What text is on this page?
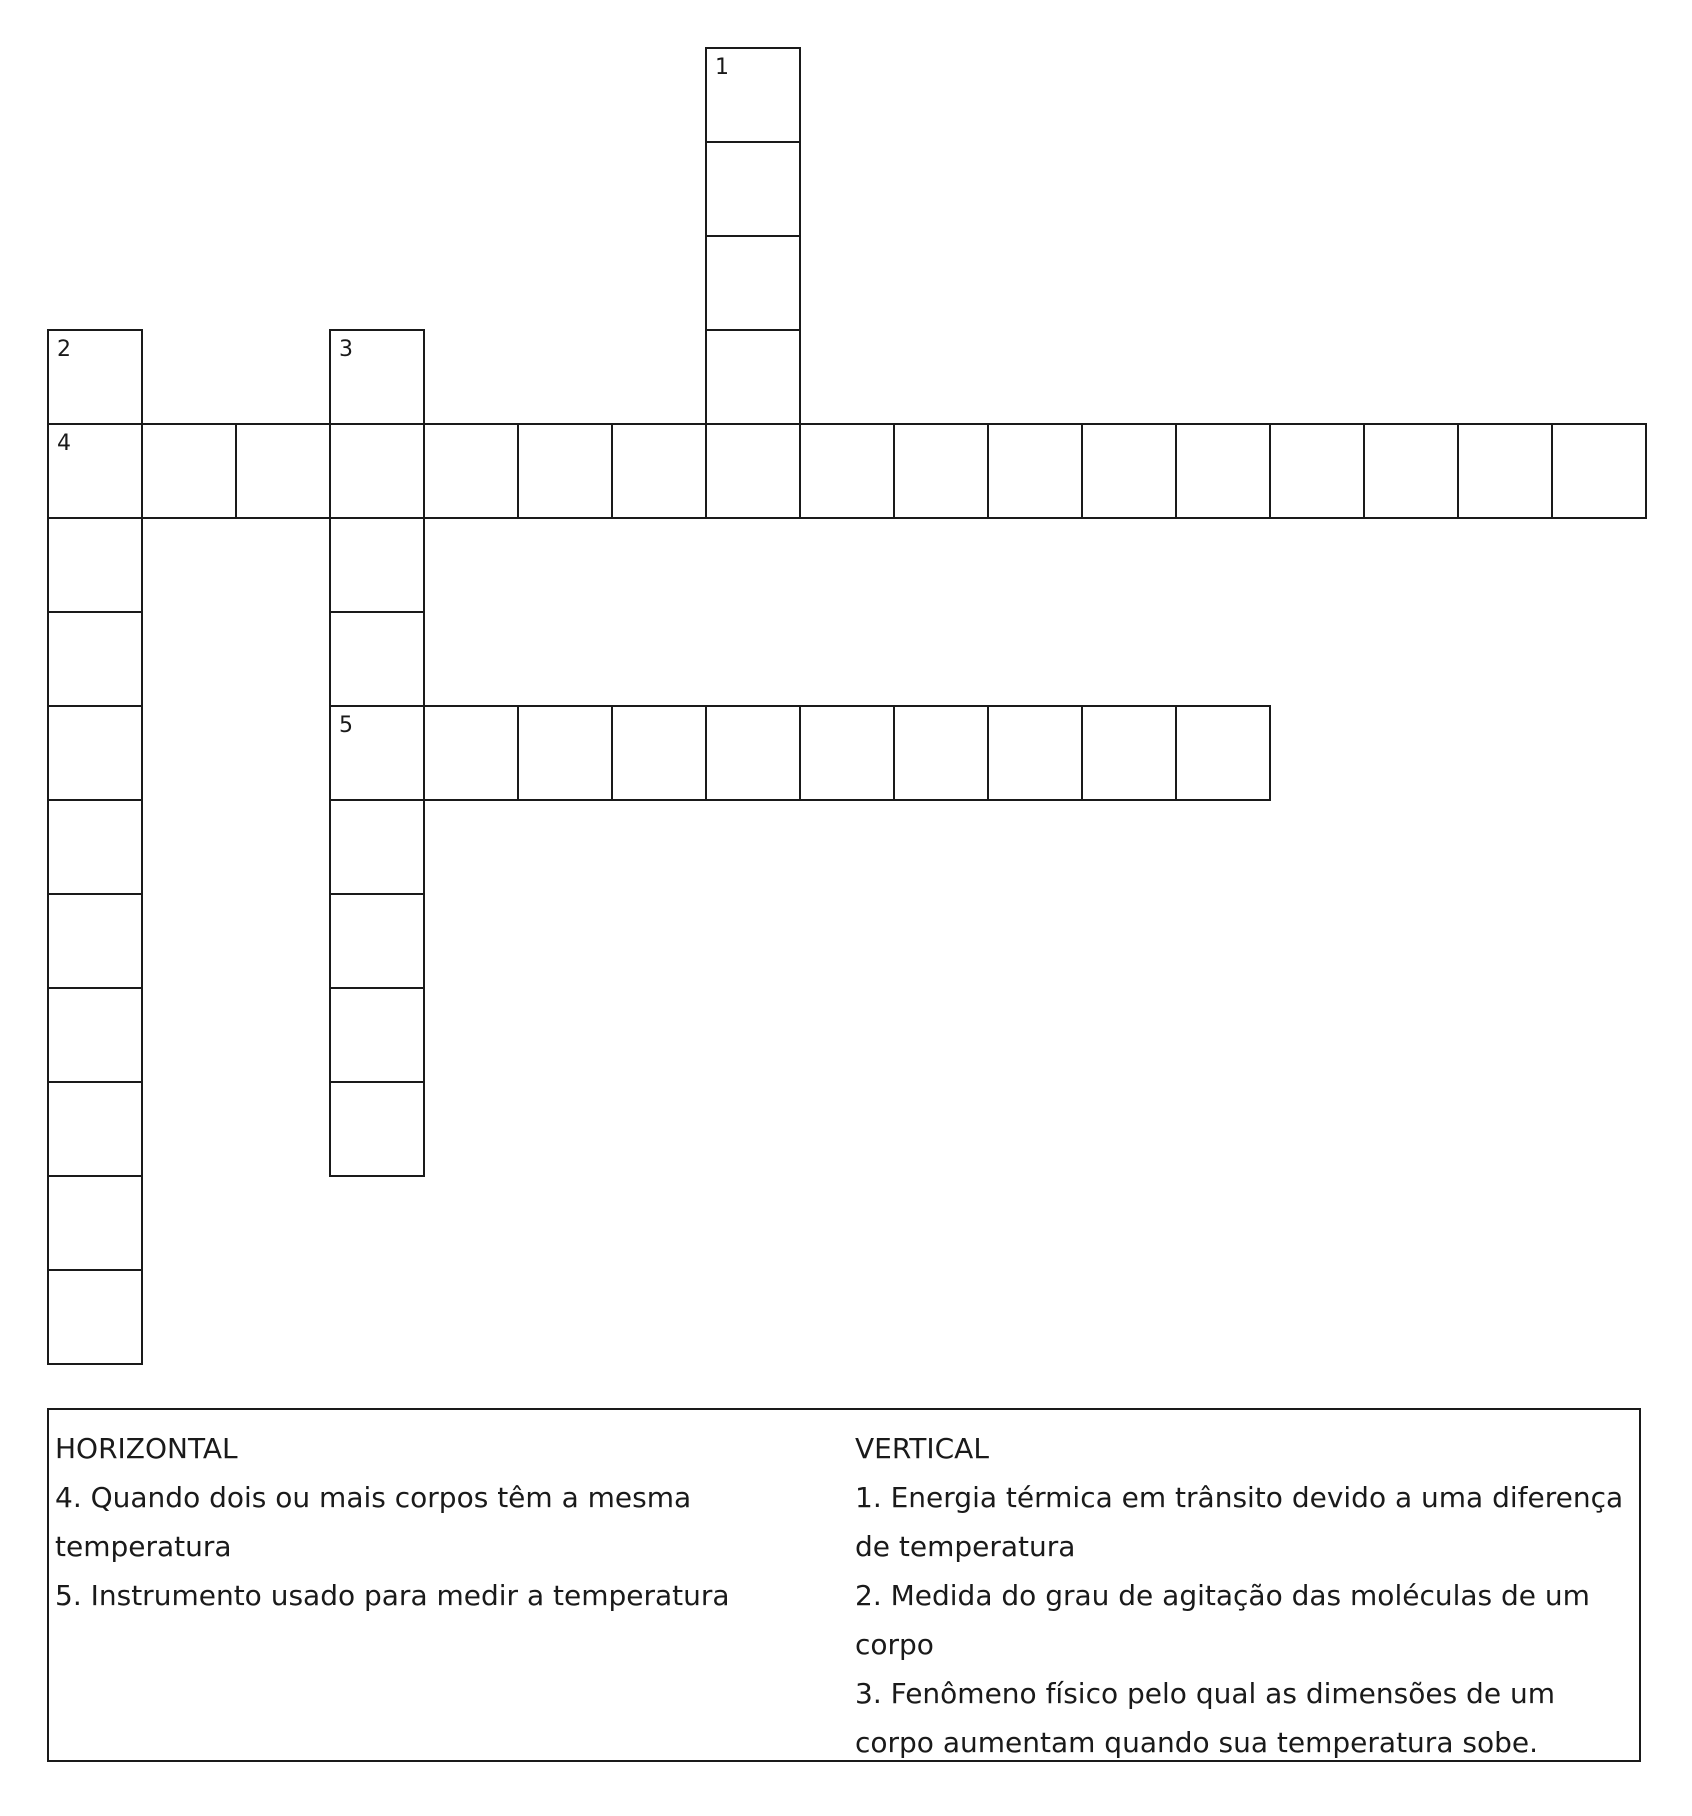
1
2	3
4
5

HORIZONTAL

4. Quando dois ou mais corpos têm a mesma temperatura

5. Instrumento usado para medir a temperatura

VERTICAL

1. Energia térmica em trânsito devido a uma diferença de temperatura

2. Medida do grau de agitação das moléculas de um corpo

3. Fenômeno físico pelo qual as dimensões de um corpo aumentam quando sua temperatura sobe.
